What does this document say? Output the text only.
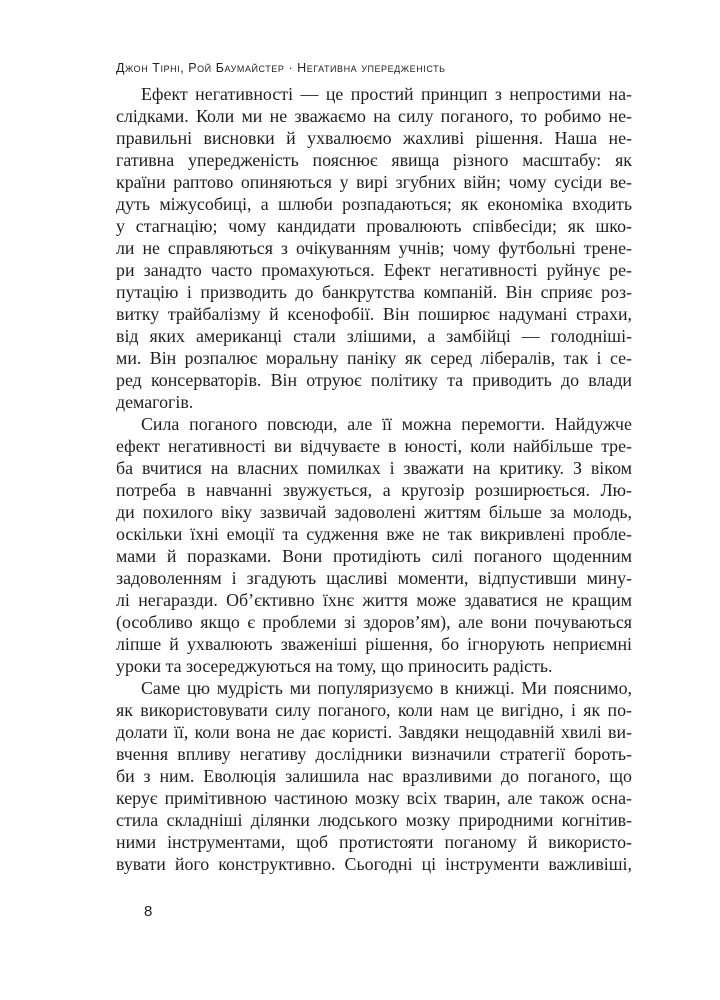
Джон Тірні, Рой Баумайстер · Негативна упередженість

Ефект негативності — це простий принцип з непростими на-
слідками. Коли ми не зважаємо на силу поганого, то робимо не-
правильні висновки й ухвалюємо жахливі рішення. Наша не-
гативна упередженість пояснює явища різного масштабу: як
країни раптово опиняються у вирі згубних війн; чому сусіди ве-
дуть міжусобиці, а шлюби розпадаються; як економіка входить
у стагнацію; чому кандидати провалюють співбесіди; як шко-
ли не справляються з очікуванням учнів; чому футбольні трене-
ри занадто часто промахуються. Ефект негативності руйнує ре-
путацію і призводить до банкрутства компаній. Він сприяє роз-
витку трайбалізму й ксенофобії. Він поширює надумані страхи,
від яких американці стали злішими, а замбійці — голоднiші-
ми. Він розпалює моральну паніку як серед лібералів, так і се-
ред консерваторів. Він отруює політику та приводить до влади
демагогів.

Сила поганого повсюди, але її можна перемогти. Найдужче
ефект негативності ви відчуваєте в юності, коли найбільше тре-
ба вчитися на власних помилках і зважати на критику. З віком
потреба в навчанні звужується, а кругозір розширюється. Лю-
ди похилого віку зазвичай задоволені життям більше за молодь,
оскільки їхні емоції та судження вже не так викривлені пробле-
мами й поразками. Вони протидіють силі поганого щоденним
задоволенням і згадують щасливі моменти, відпустивши мину-
лі негаразди. Об’єктивно їхнє життя може здаватися не кращим
(особливо якщо є проблеми зі здоров’ям), але вони почуваються
ліпше й ухвалюють зваженіші рішення, бо ігнорують неприємні
уроки та зосереджуються на тому, що приносить радість.

Саме цю мудрість ми популяризуємо в книжці. Ми пояснимо,
як використовувати силу поганого, коли нам це вигідно, і як по-
долати її, коли вона не дає користі. Завдяки нещодавній хвилі ви-
вчення впливу негативу дослідники визначили стратегії бороть-
би з ним. Еволюція залишила нас вразливими до поганого, що
керує примітивною частиною мозку всіх тварин, але також осна-
стила складніші ділянки людського мозку природними когнітив-
ними інструментами, щоб протистояти поганому й використо-
вувати його конструктивно. Сьогодні ці інструменти важливіші,

8
